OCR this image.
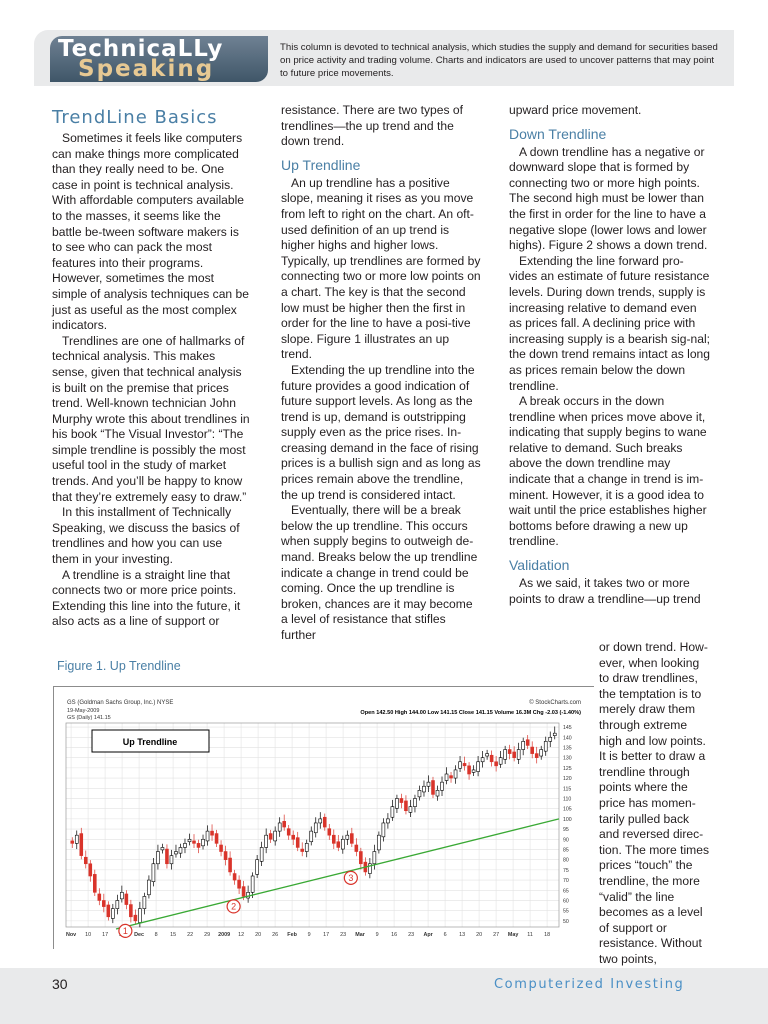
TechnicaLLy
Speaking
This column is devoted to technical analysis, which studies the supply and demand for securities based on price activity and trading volume. Charts and indicators are used to uncover patterns that may point to future price movements.
TrendLine Basics

Sometimes it feels like computers can make things more complicated than they really need to be. One case in point is technical analysis. With affordable computers available to the masses, it seems like the battle be-tween software makers is to see who can pack the most features into their programs. However, sometimes the most simple of analysis techniques can be just as useful as the most complex indicators.

Trendlines are one of hallmarks of technical analysis. This makes sense, given that technical analysis is built on the premise that prices trend. Well-known technician John Murphy wrote this about trendlines in his book “The Visual Investor”: “The simple trendline is possibly the most useful tool in the study of market trends. And you’ll be happy to know that they’re extremely easy to draw.”

In this installment of Technically Speaking, we discuss the basics of trendlines and how you can use them in your investing.

A trendline is a straight line that connects two or more price points. Extending this line into the future, it also acts as a line of support or

resistance. There are two types of trendlines—the up trend and the down trend.

Up Trendline

An up trendline has a positive slope, meaning it rises as you move from left to right on the chart. An oft-used definition of an up trend is higher highs and higher lows. Typically, up trendlines are formed by connecting two or more low points on a chart. The key is that the second low must be higher then the first in order for the line to have a posi-tive slope. Figure 1 illustrates an up trend.

Extending the up trendline into the future provides a good indication of future support levels. As long as the trend is up, demand is outstripping supply even as the price rises. In-creasing demand in the face of rising prices is a bullish sign and as long as prices remain above the trendline, the up trend is considered intact.

Eventually, there will be a break below the up trendline. This occurs when supply begins to outweigh de-mand. Breaks below the up trendline indicate a change in trend could be coming. Once the up trendline is broken, chances are it may become a level of resistance that stifles further

upward price movement.

Down Trendline

A down trendline has a negative or downward slope that is formed by connecting two or more high points. The second high must be lower than the first in order for the line to have a negative slope (lower lows and lower highs). Figure 2 shows a down trend.

Extending the line forward pro-vides an estimate of future resistance levels. During down trends, supply is increasing relative to demand even as prices fall. A declining price with increasing supply is a bearish sig-nal; the down trend remains intact as long as prices remain below the down trendline.

A break occurs in the down trendline when prices move above it, indicating that supply begins to wane relative to demand. Such breaks above the down trendline may indicate that a change in trend is im-minent. However, it is a good idea to wait until the price establishes higher bottoms before drawing a new up trendline.

Validation

As we said, it takes two or more points to draw a trendline—up trend

or down trend. How-ever, when looking to draw trendlines, the temptation is to merely draw them through extreme high and low points. It is better to draw a trendline through points where the price has momen-tarily pulled back and reversed direc-tion. The more times prices “touch” the trendline, the more “valid” the line becomes as a level of support or resistance. Without two points,
Figure 1. Up Trendline
GS (Goldman Sachs Group, Inc.) NYSE
19-May-2009
GS (Daily) 141.15
© StockCharts.com
Open 142.50 High 144.00 Low 141.15 Close 141.15 Volume 16.3M Chg -2.03 (-1.40%)
Up Trendline
50
55
60
65
70
75
80
85
90
95
100
105
110
115
120
125
130
135
140
145
Nov 10 17	Dec 8 15 22 29 2009 12 20 26 Feb 9 17 23 Mar 9 16 23 Apr 6 13 20 27 May 11 18
1
2
3
30	Computerized Investing
